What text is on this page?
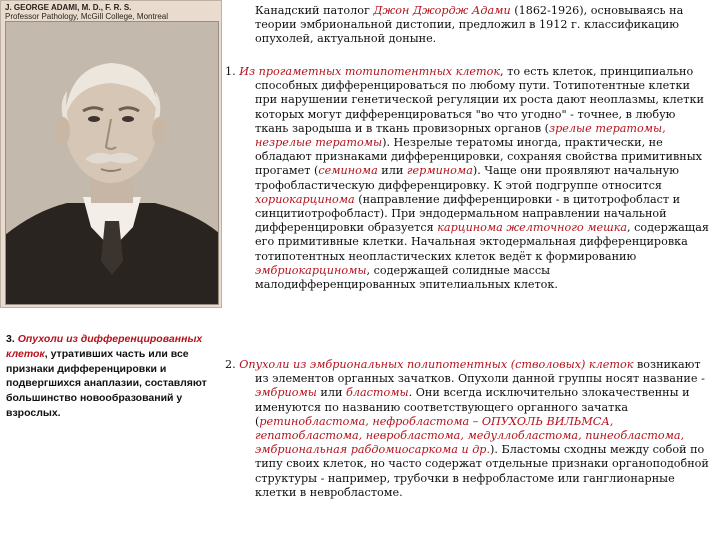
J. GEORGE ADAMI, M. D., F. R. S.
Professor Pathology, McGill College, Montreal	Канадский патолог Джон Джордж Адами (1862-1926), основываясь на теории эмбриональной дистопии, предложил в 1912 г. классификацию опухолей, актуальной доныне.
1. Из прогаметных тотипотентных клеток, то есть клеток, принципиально способных дифференцироваться по любому пути. Тотипотентные клетки при нарушении генетической регуляции их роста дают неоплазмы, клетки которых могут дифференцироваться "во что угодно" - точнее, в любую ткань зародыша и в ткань провизорных органов (зрелые тератомы, незрелые тератомы). Незрелые тератомы иногда, практически, не обладают признаками дифференцировки, сохраняя свойства примитивных прогамет (семинома или герминома). Чаще они проявляют начальную трофобластическую дифференцировку. К этой подгруппе относится хориокарцинома (направление дифференцировки - в цитотрофобласт и синцитиотрофобласт). При эндодермальном направлении начальной дифференцировки образуется карцинома желточного мешка, содержащая его примитивные клетки. Начальная эктодермальная дифференцировка тотипотентных неопластических клеток ведёт к формированию эмбриокарциномы, содержащей солидные массы малодифференцированных эпителиальных клеток.
2. Опухоли из эмбриональных полипотентных (стволовых) клеток возникают из элементов органных зачатков. Опухоли данной группы носят название - эмбриомы или бластомы. Они всегда исключительно злокачественны и именуются по названию соответствующего органного зачатка (ретинобластома, нефробластома – ОПУХОЛЬ ВИЛЬМСА, гепатобластома, невробластома, медуллобластома, пинеобластома, эмбриональная рабдомиосаркома и др.). Бластомы сходны между собой по типу своих клеток, но часто содержат отдельные признаки органоподобной структуры - например, трубочки в нефробластоме или ганглионарные клетки в невробластоме.
3. Опухоли из дифференцированных клеток, утративших часть или все признаки дифференцировки и подвергшихся анаплазии, составляют большинство новообразований у взрослых.
